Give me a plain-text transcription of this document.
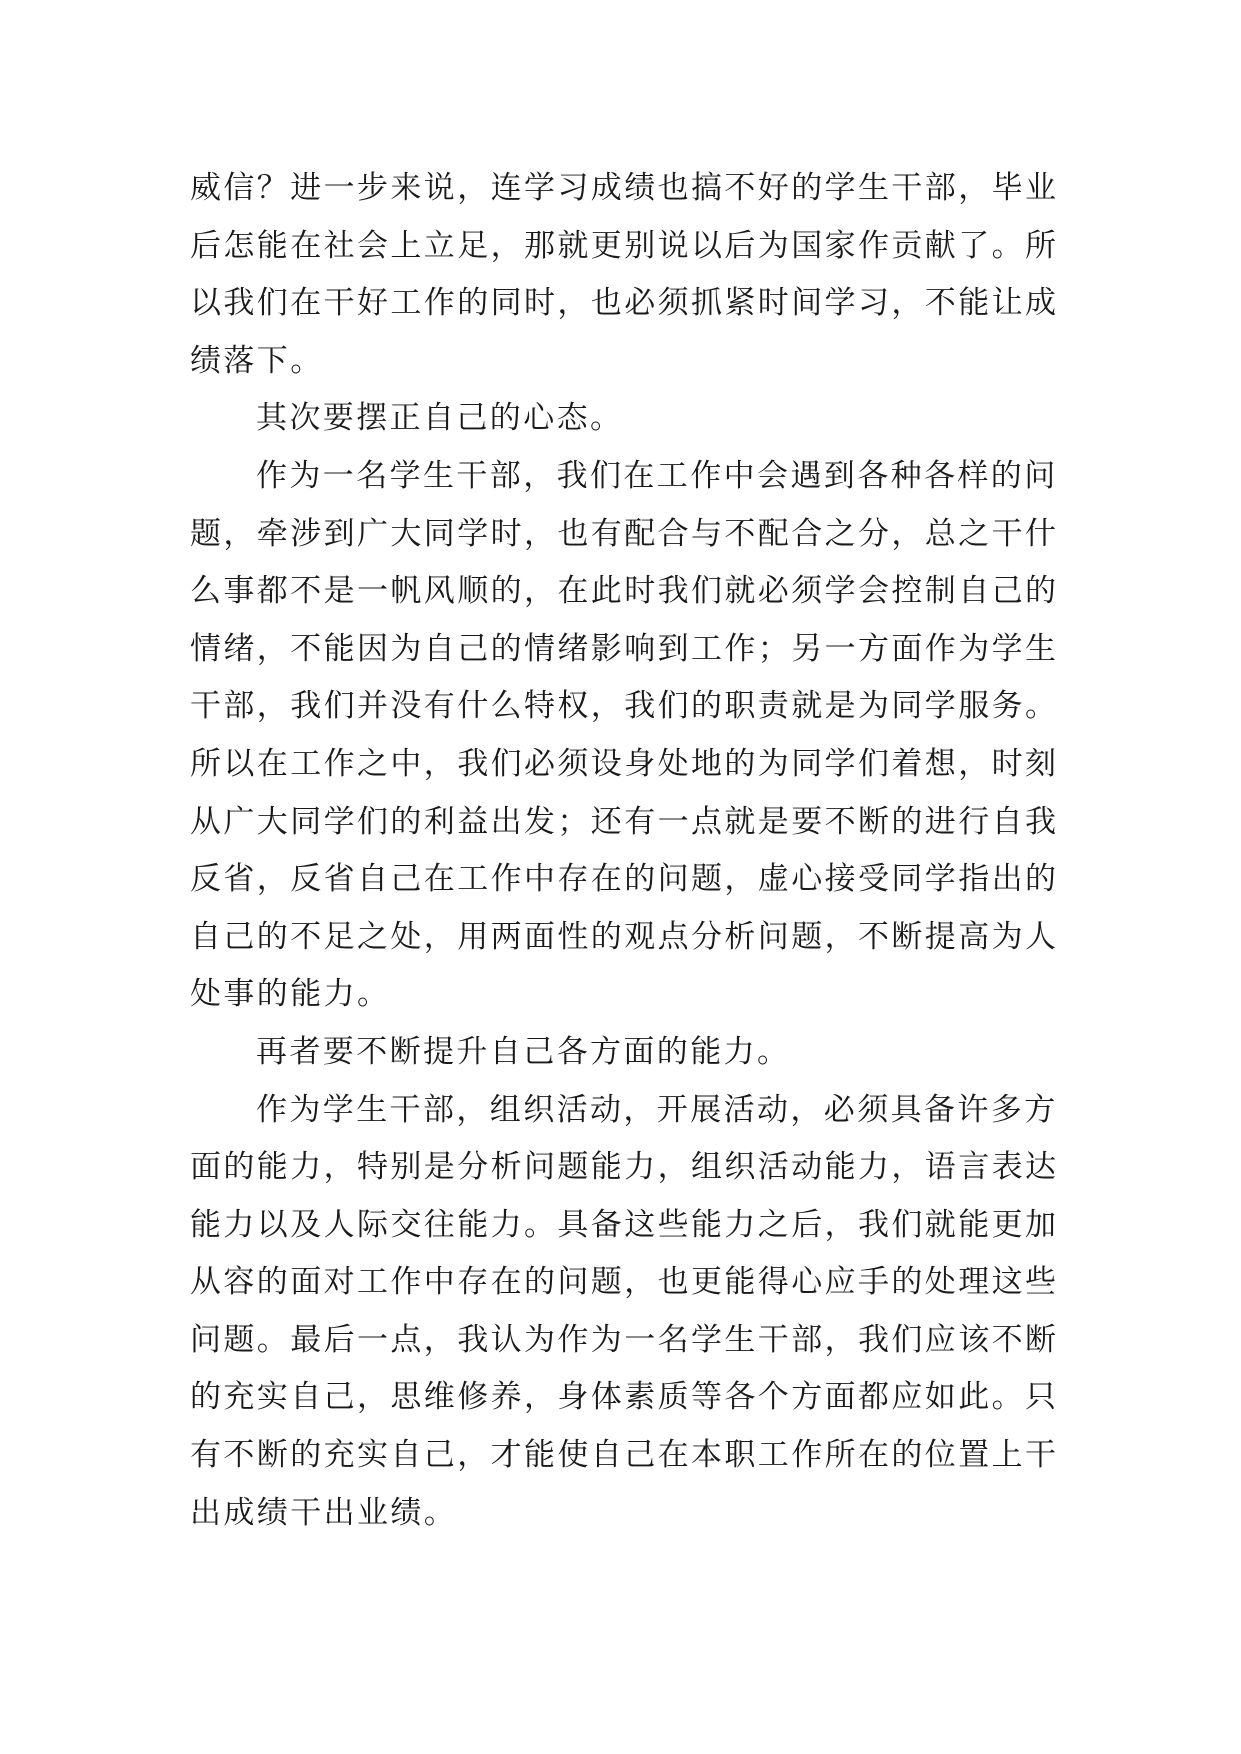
威信？进一步来说，连学习成绩也搞不好的学生干部，毕业后怎能在社会上立足，那就更别说以后为国家作贡献了。所以我们在干好工作的同时，也必须抓紧时间学习，不能让成绩落下。

其次要摆正自己的心态。

作为一名学生干部，我们在工作中会遇到各种各样的问题，牵涉到广大同学时，也有配合与不配合之分，总之干什么事都不是一帆风顺的，在此时我们就必须学会控制自己的情绪，不能因为自己的情绪影响到工作；另一方面作为学生干部，我们并没有什么特权，我们的职责就是为同学服务。所以在工作之中，我们必须设身处地的为同学们着想，时刻从广大同学们的利益出发；还有一点就是要不断的进行自我反省，反省自己在工作中存在的问题，虚心接受同学指出的自己的不足之处，用两面性的观点分析问题，不断提高为人处事的能力。

再者要不断提升自己各方面的能力。

作为学生干部，组织活动，开展活动，必须具备许多方面的能力，特别是分析问题能力，组织活动能力，语言表达能力以及人际交往能力。具备这些能力之后，我们就能更加从容的面对工作中存在的问题，也更能得心应手的处理这些问题。最后一点，我认为作为一名学生干部，我们应该不断的充实自己，思维修养，身体素质等各个方面都应如此。只有不断的充实自己，才能使自己在本职工作所在的位置上干出成绩干出业绩。
